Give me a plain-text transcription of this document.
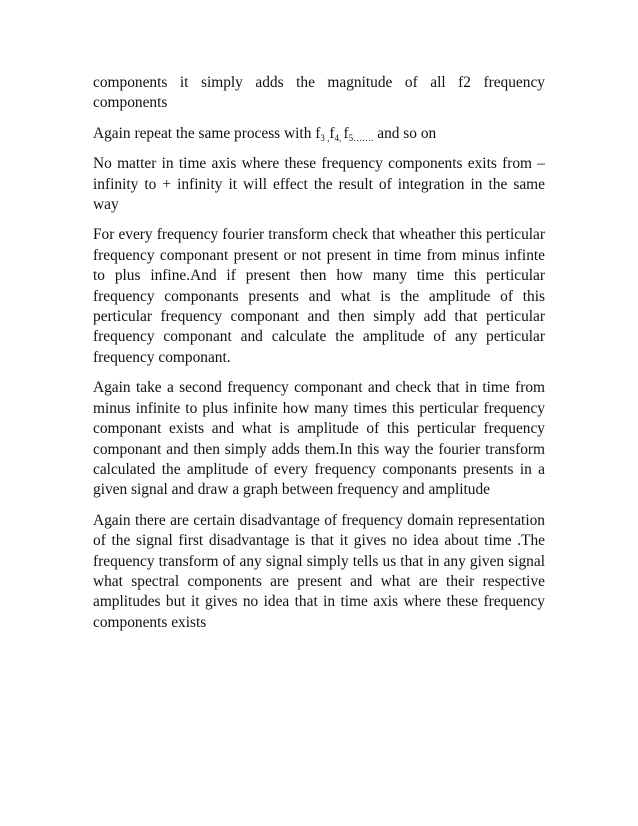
components it simply adds the magnitude of all f2 frequency components

Again repeat the same process with $f_{3 ,}f_{4,}$ $f_{5\dots\dots.}$ and so on

No matter in time axis where these frequency components exits from – infinity to + infinity it will effect the result of integration in the same way

For every frequency fourier transform check that wheather this perticular frequency componant present or not present in time from minus infinte to plus infine.And if present then how many time this perticular frequency componants presents and what is the amplitude of this perticular frequency componant and then simply add that perticular frequency componant and calculate the amplitude of any perticular frequency componant.

Again take a second frequency componant and check that in time from minus infinite to plus infinite how many times this perticular frequency componant exists and what is amplitude of this perticular frequency componant and then simply adds them.In this way the fourier transform calculated the amplitude of every frequency componants presents in a given signal and draw a graph between frequency and amplitude

Again there are certain disadvantage of frequency domain representation of the signal first disadvantage is that it gives no idea about time .The frequency transform of any signal simply tells us that in any given signal what spectral components are present and what are their respective amplitudes but it gives no idea that in time axis where these frequency components exists
